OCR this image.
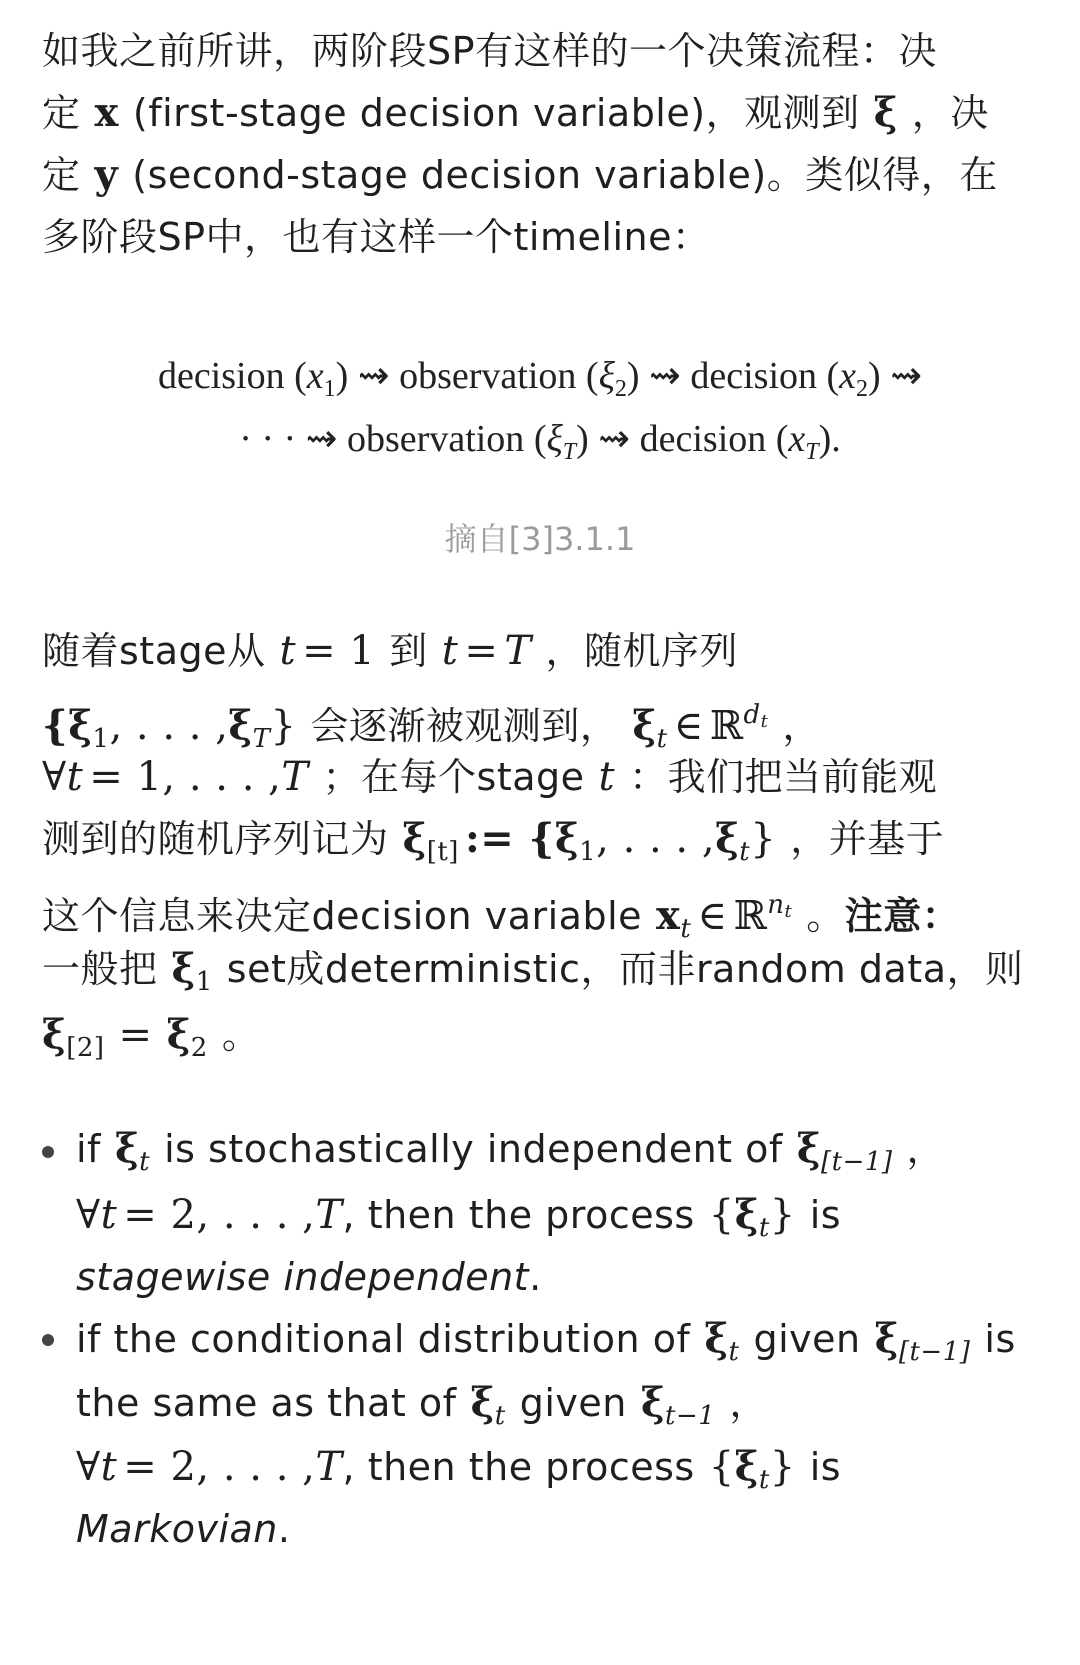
如我之前所讲，两阶段SP有这样的一个决策流程：决
定 x (first-stage decision variable)，观测到 ξ ，决
定 y (second-stage decision variable)。类似得，在
多阶段SP中，也有这样一个timeline：
decision $(x_1)$ ⇝ observation $(\xi_2)$ ⇝ decision $(x_2)$ ⇝
· · · ⇝ observation $(\xi_T)$ ⇝ decision $(x_T)$.
摘自[3]3.1.1
随着stage从 t = 1 到 t = T ，随机序列
{$\xi_1$, . . . $,\xi_T$} 会逐渐被观测到， $\xi_t$ ∈ ℝ$^{dt}$ ，
∀t = 1, . . . ,T ；在每个stage t ：我们把当前能观
测到的随机序列记为 $\xi_{[t]}$ := {$\xi_1$, . . . $,\xi_t$} ，并基于
这个信息来决定decision variable $x_t$ ∈ ℝ$^{nt}$ 。注意：
一般把 $\xi_1$ set成deterministic，而非random data，则
$\xi_{[2]} = \xi_2$ 。
if $\xi_t$ is stochastically independent of $\xi_{[t-1]}$ ，
∀t = 2, . . . ,T, then the process $\{\xi_t\}$ is
stagewise independent.
if the conditional distribution of $\xi_t$ given $\xi_{[t-1]}$ is
the same as that of $\xi_t$ given $\xi_{t-1}$ ，
∀t = 2, . . . ,T, then the process $\{\xi_t\}$ is
Markovian.
